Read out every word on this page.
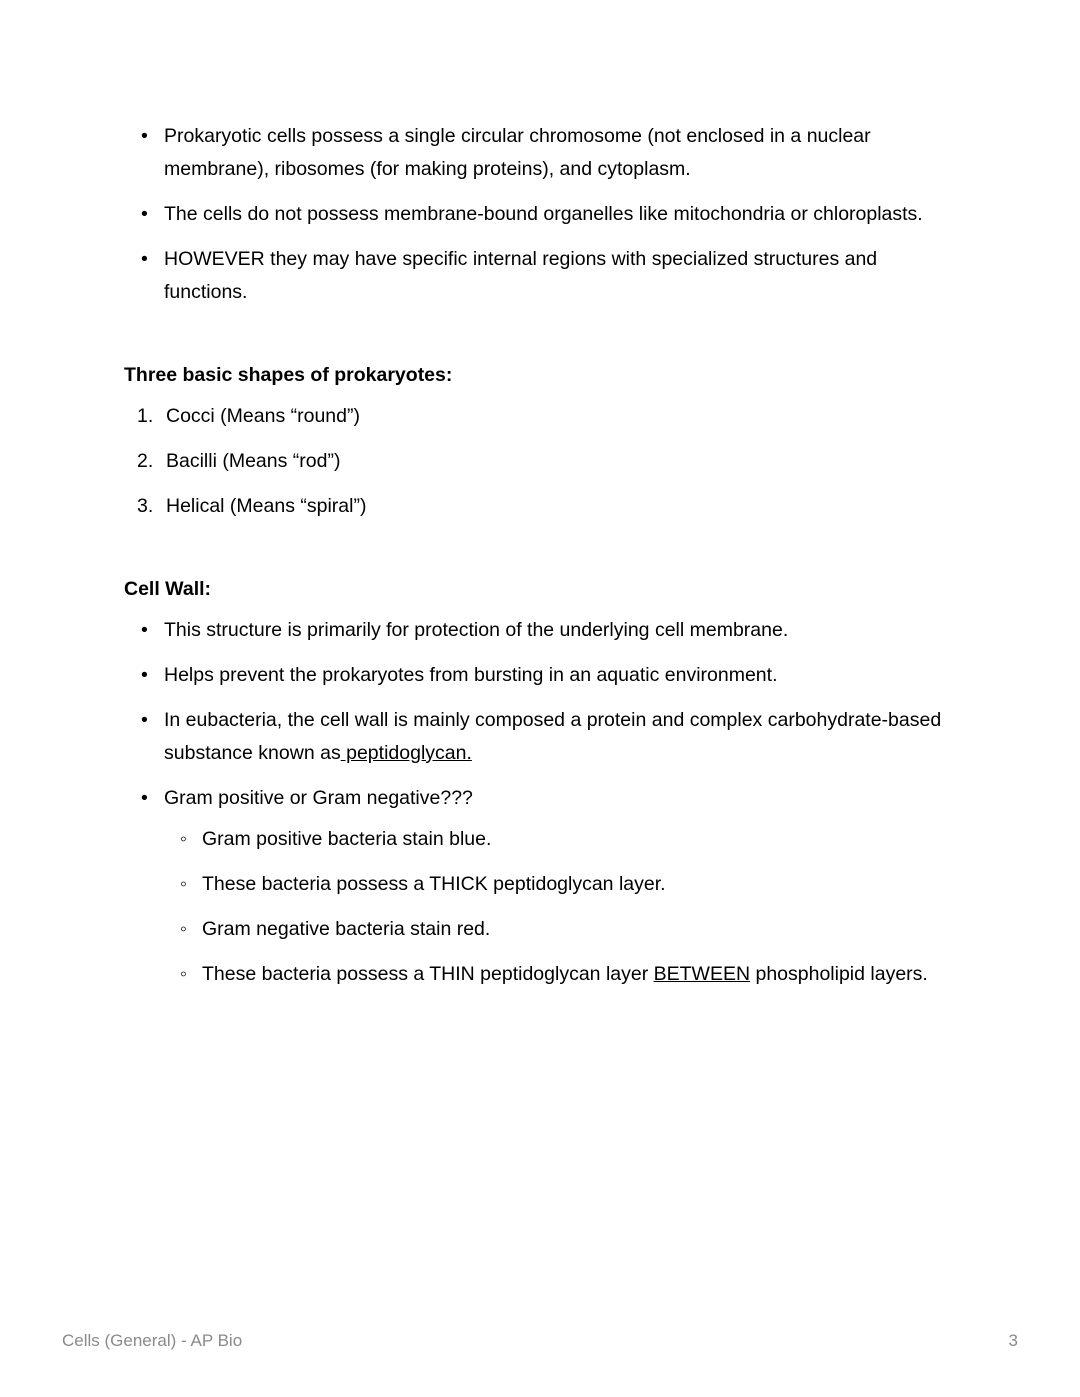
• Prokaryotic cells possess a single circular chromosome (not enclosed in a nuclear membrane), ribosomes (for making proteins), and cytoplasm.
• The cells do not possess membrane-bound organelles like mitochondria or chloroplasts.
• HOWEVER they may have specific internal regions with specialized structures and functions.
Three basic shapes of prokaryotes:
Cocci (Means “round”)
Bacilli (Means “rod”)
Helical (Means “spiral”)
Cell Wall:
• This structure is primarily for protection of the underlying cell membrane.
• Helps prevent the prokaryotes from bursting in an aquatic environment.
• In eubacteria, the cell wall is mainly composed a protein and complex carbohydrate-based substance known as peptidoglycan.
• Gram positive or Gram negative???
◦ Gram positive bacteria stain blue.
◦ These bacteria possess a THICK peptidoglycan layer.
◦ Gram negative bacteria stain red.
◦ These bacteria possess a THIN peptidoglycan layer BETWEEN phospholipid layers.
Cells (General) - AP Bio	3
